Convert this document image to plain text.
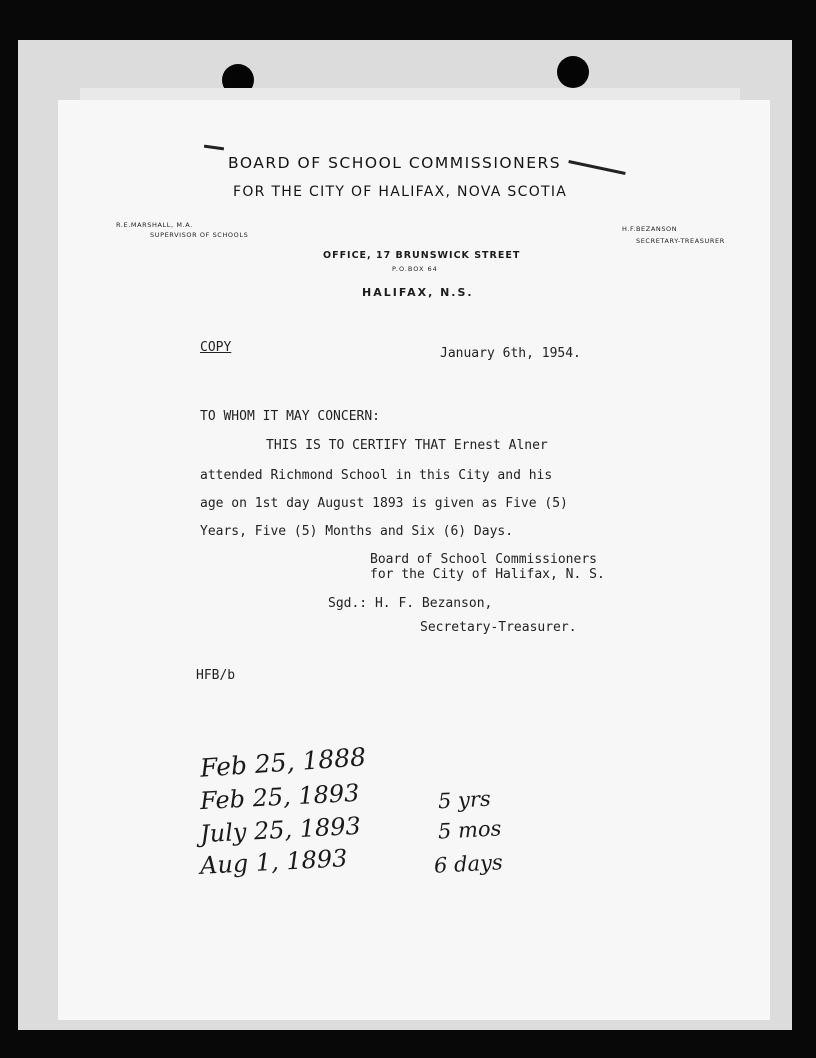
BOARD OF SCHOOL COMMISSIONERS
FOR THE CITY OF HALIFAX, NOVA SCOTIA
R.E.MARSHALL, M.A.
SUPERVISOR OF SCHOOLS
H.F.BEZANSON
SECRETARY-TREASURER
OFFICE, 17 BRUNSWICK STREET
P.O.BOX 64
HALIFAX, N.S.
COPY	January 6th, 1954.
TO WHOM IT MAY CONCERN:
THIS IS TO CERTIFY THAT Ernest Alner
attended Richmond School in this City and his
age on 1st day August 1893 is given as Five (5)
Years, Five (5) Months and Six (6) Days.
Board of School Commissioners
for the City of Halifax, N. S.
Sgd.: H. F. Bezanson,
Secretary-Treasurer.
HFB/b
Feb 25, 1888
Feb 25, 1893
July 25, 1893
Aug 1, 1893
5 yrs
5 mos
6 days
